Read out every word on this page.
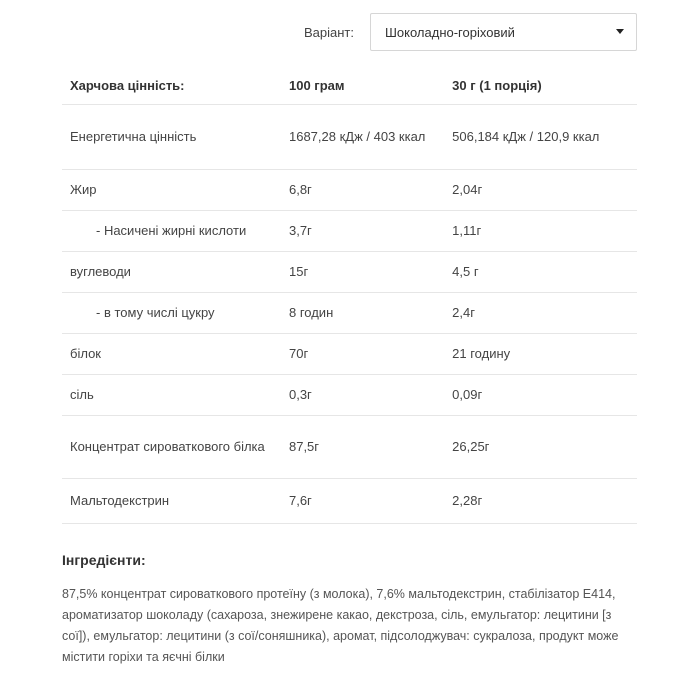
Варіант:	Шоколадно-горіховий
Харчова цінність:	100 грам	30 г (1 порція)
Енергетична цінність	1687,28 кДж / 403 ккал	506,184 кДж / 120,9 ккал
Жир	6,8г	2,04г
- Насичені жирні кислоти	3,7г	1,11г
вуглеводи	15г	4,5 г
- в тому числі цукру	8 годин	2,4г
білок	70г	21 годину
сіль	0,3г	0,09г
Концентрат сироваткового білка	87,5г	26,25г
Мальтодекстрин	7,6г	2,28г
Інгредієнти:
87,5% концентрат сироваткового протеїну (з молока), 7,6% мальтодекстрин, стабілізатор Е414, ароматизатор шоколаду (сахароза, знежирене какао, декстроза, сіль, емульгатор: лецитини [з сої]), емульгатор: лецитини (з сої/соняшника), аромат, підсолоджувач: сукралоза, продукт може містити горіхи та яєчні білки
